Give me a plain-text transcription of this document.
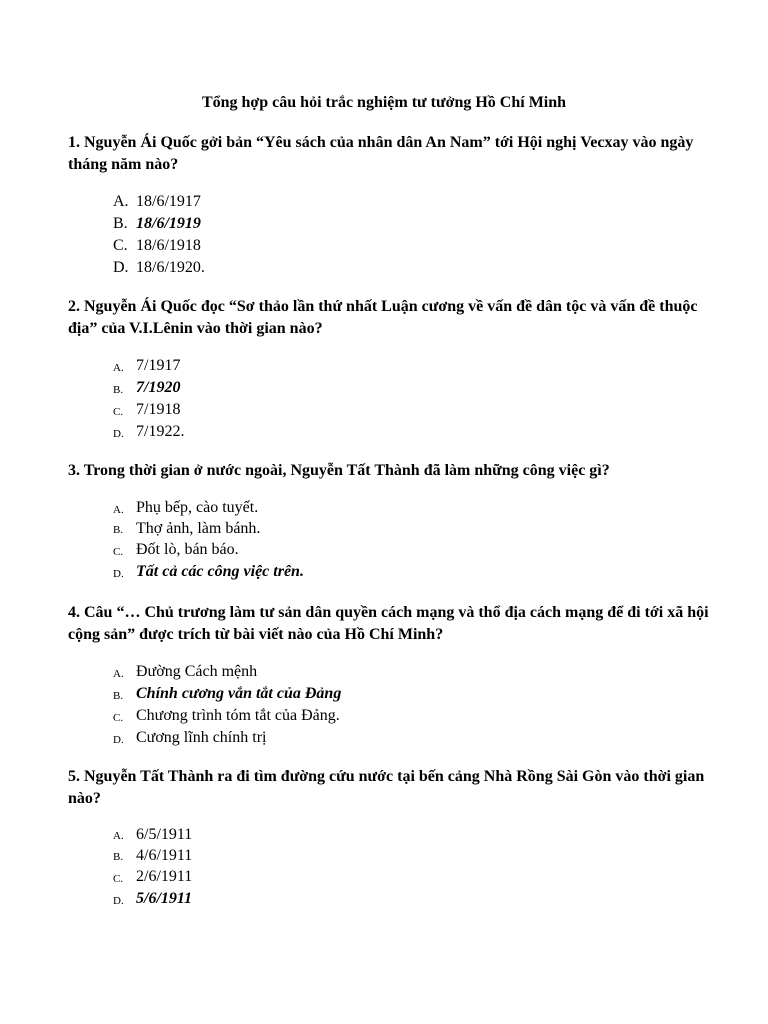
Tổng hợp câu hỏi trắc nghiệm tư tưởng Hồ Chí Minh

1. Nguyễn Ái Quốc gởi bản “Yêu sách của nhân dân An Nam” tới Hội nghị Vecxay vào ngày tháng năm nào?

A. 18/6/1917
B. 18/6/1919
C. 18/6/1918
D. 18/6/1920.

2. Nguyễn Ái Quốc đọc “Sơ thảo lần thứ nhất Luận cương về vấn đề dân tộc và vấn đề thuộc địa” của V.I.Lênin vào thời gian nào?

A. 7/1917
B. 7/1920
C. 7/1918
D. 7/1922.

3. Trong thời gian ở nước ngoài, Nguyễn Tất Thành đã làm những công việc gì?

A. Phụ bếp, cào tuyết.
B. Thợ ảnh, làm bánh.
C. Đốt lò, bán báo.
D. Tất cả các công việc trên.

4. Câu “… Chủ trương làm tư sản dân quyền cách mạng và thổ địa cách mạng để đi tới xã hội cộng sản” được trích từ bài viết nào của Hồ Chí Minh?

A. Đường Cách mệnh
B. Chính cương vắn tắt của Đảng
C. Chương trình tóm tắt của Đảng.
D. Cương lĩnh chính trị

5. Nguyễn Tất Thành ra đi tìm đường cứu nước tại bến cảng Nhà Rồng Sài Gòn vào thời gian nào?

A. 6/5/1911
B. 4/6/1911
C. 2/6/1911
D. 5/6/1911
